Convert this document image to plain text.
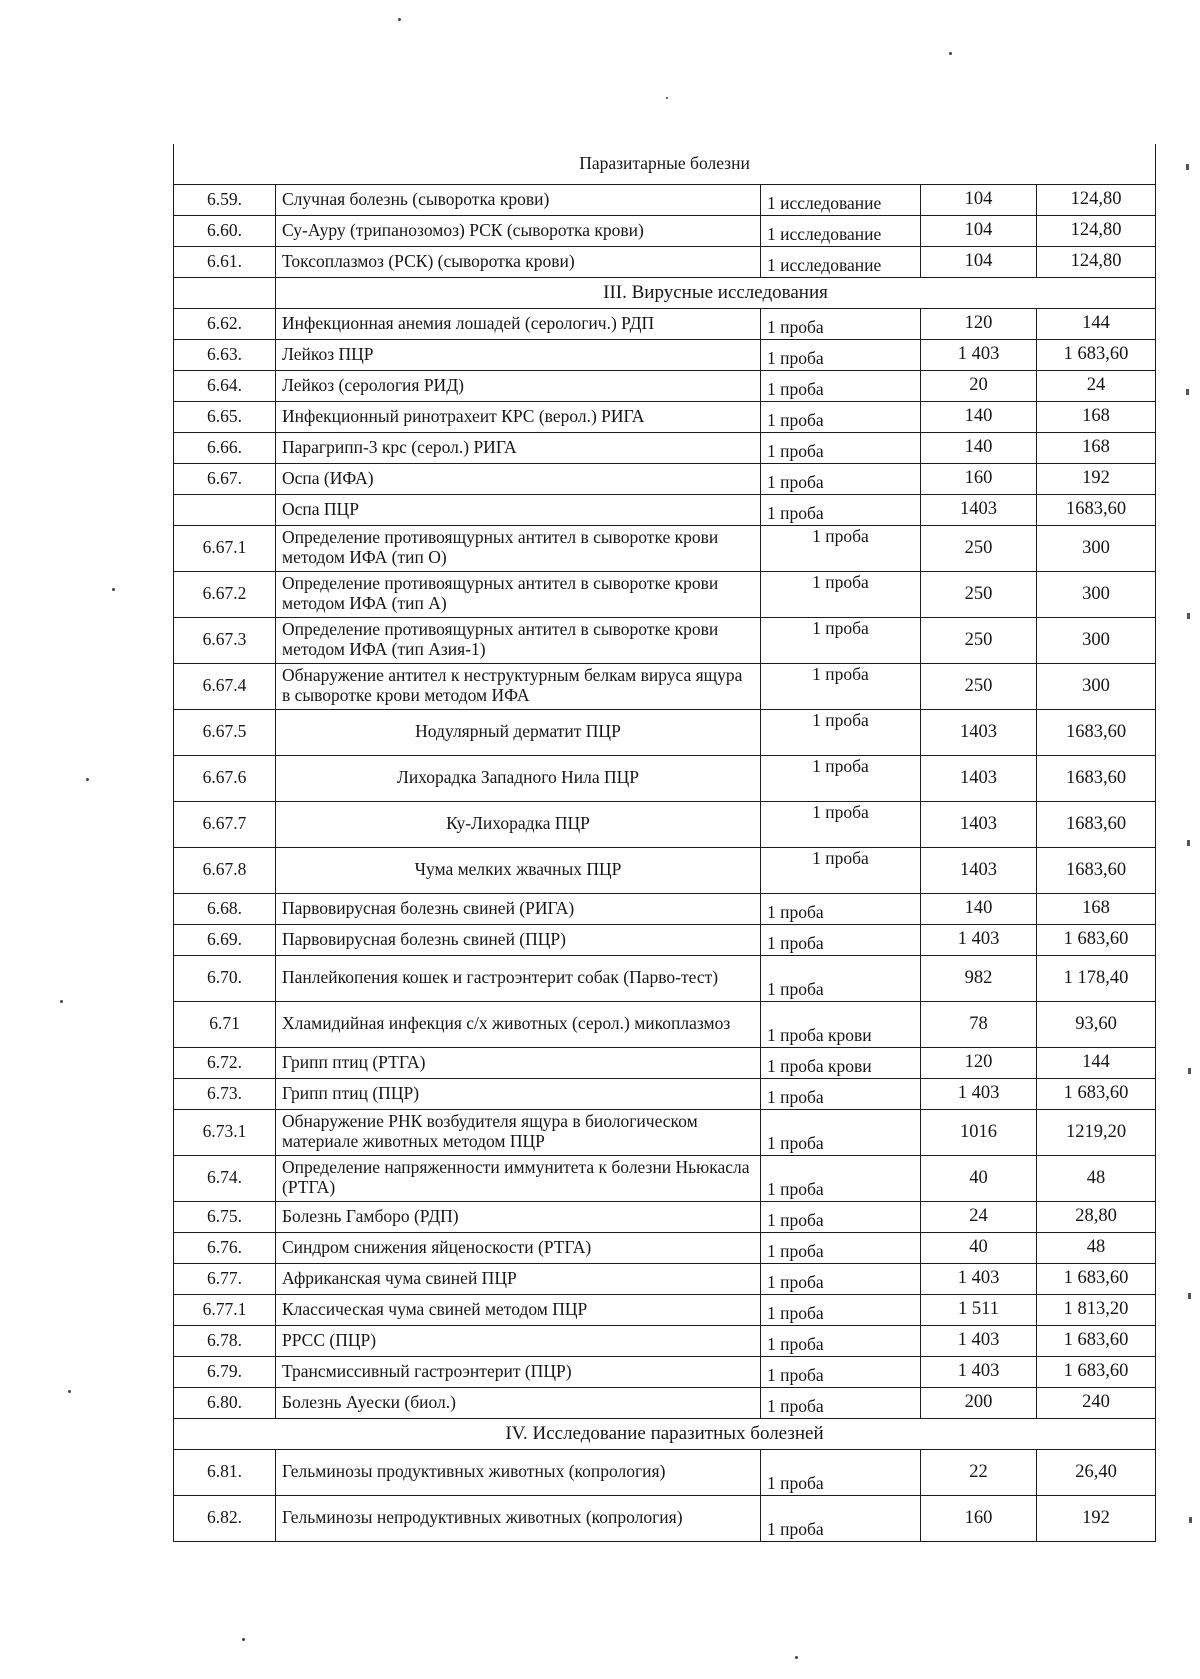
Паразитарные болезни				
6.59.	Случная болезнь (сыворотка крови)	1 исследование	104	124,80
6.60.	Су-Ауру (трипанозомоз) РСК (сыворотка крови)	1 исследование	104	124,80
6.61.	Токсоплазмоз (РСК) (сыворотка крови)	1 исследование	104	124,80
	III. Вирусные исследования			
6.62.	Инфекционная анемия лошадей (серологич.) РДП	1 проба	120	144
6.63.	Лейкоз ПЦР	1 проба	1 403	1 683,60
6.64.	Лейкоз (серология РИД)	1 проба	20	24
6.65.	Инфекционный ринотрахеит КРС (верол.) РИГА	1 проба	140	168
6.66.	Парагрипп-3 крс (серол.) РИГА	1 проба	140	168
6.67.	Оспа (ИФА)	1 проба	160	192
	Оспа ПЦР	1 проба	1403	1683,60
6.67.1	Определение противоящурных антител в сыворотке крови методом ИФА (тип О)	1 проба	250	300
6.67.2	Определение противоящурных антител в сыворотке крови методом ИФА (тип А)	1 проба	250	300
6.67.3	Определение противоящурных антител в сыворотке крови методом ИФА (тип Азия-1)	1 проба	250	300
6.67.4	Обнаружение антител к неструктурным белкам вируса ящура в сыворотке крови методом ИФА	1 проба	250	300
6.67.5	Нодулярный дерматит ПЦР	1 проба	1403	1683,60
6.67.6	Лихорадка Западного Нила ПЦР	1 проба	1403	1683,60
6.67.7	Ку-Лихорадка ПЦР	1 проба	1403	1683,60
6.67.8	Чума мелких жвачных ПЦР	1 проба	1403	1683,60
6.68.	Парвовирусная болезнь свиней (РИГА)	1 проба	140	168
6.69.	Парвовирусная болезнь свиней (ПЦР)	1 проба	1 403	1 683,60
6.70.	Панлейкопения кошек и гастроэнтерит собак (Парво-тест)	1 проба	982	1 178,40
6.71	Хламидийная инфекция с/х животных (серол.) микоплазмоз	1 проба крови	78	93,60
6.72.	Грипп птиц (РТГА)	1 проба крови	120	144
6.73.	Грипп птиц (ПЦР)	1 проба	1 403	1 683,60
6.73.1	Обнаружение РНК возбудителя ящура в биологическом материале животных методом ПЦР	1 проба	1016	1219,20
6.74.	Определение напряженности иммунитета к болезни Ньюкасла (РТГА)	1 проба	40	48
6.75.	Болезнь Гамборо (РДП)	1 проба	24	28,80
6.76.	Синдром снижения яйценоскости (РТГА)	1 проба	40	48
6.77.	Африканская чума свиней ПЦР	1 проба	1 403	1 683,60
6.77.1	Классическая чума свиней методом ПЦР	1 проба	1 511	1 813,20
6.78.	РРСС (ПЦР)	1 проба	1 403	1 683,60
6.79.	Трансмиссивный гастроэнтерит (ПЦР)	1 проба	1 403	1 683,60
6.80.	Болезнь Ауески (биол.)	1 проба	200	240
IV. Исследование паразитных болезней				
6.81.	Гельминозы продуктивных животных (копрология)	1 проба	22	26,40
6.82.	Гельминозы непродуктивных животных (копрология)	1 проба	160	192
